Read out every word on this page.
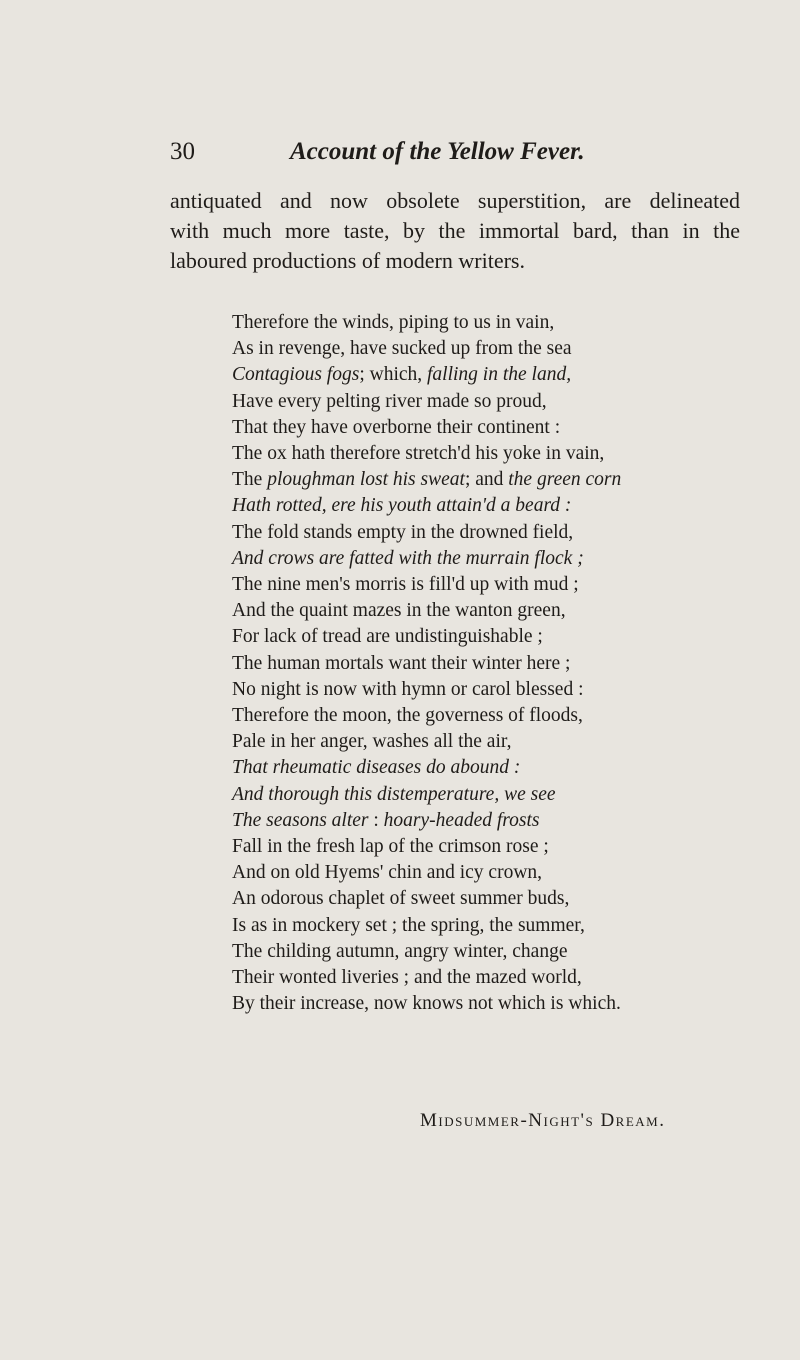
30	Account of the Yellow Fever.
antiquated and now obsolete superstition, are delineated
with much more taste, by the immortal bard, than in the
laboured productions of modern writers.
Therefore the winds, piping to us in vain,
As in revenge, have sucked up from the sea
Contagious fogs; which, falling in the land,
Have every pelting river made so proud,
That they have overborne their continent :
The ox hath therefore stretch'd his yoke in vain,
The ploughman lost his sweat; and the green corn
Hath rotted, ere his youth attain'd a beard :
The fold stands empty in the drowned field,
And crows are fatted with the murrain flock ;
The nine men's morris is fill'd up with mud ;
And the quaint mazes in the wanton green,
For lack of tread are undistinguishable ;
The human mortals want their winter here ;
No night is now with hymn or carol blessed :
Therefore the moon, the governess of floods,
Pale in her anger, washes all the air,
That rheumatic diseases do abound :
And thorough this distemperature, we see
The seasons alter : hoary-headed frosts
Fall in the fresh lap of the crimson rose ;
And on old Hyems' chin and icy crown,
An odorous chaplet of sweet summer buds,
Is as in mockery set ; the spring, the summer,
The childing autumn, angry winter, change
Their wonted liveries ; and the mazed world,
By their increase, now knows not which is which.
Midsummer-Night's Dream.
